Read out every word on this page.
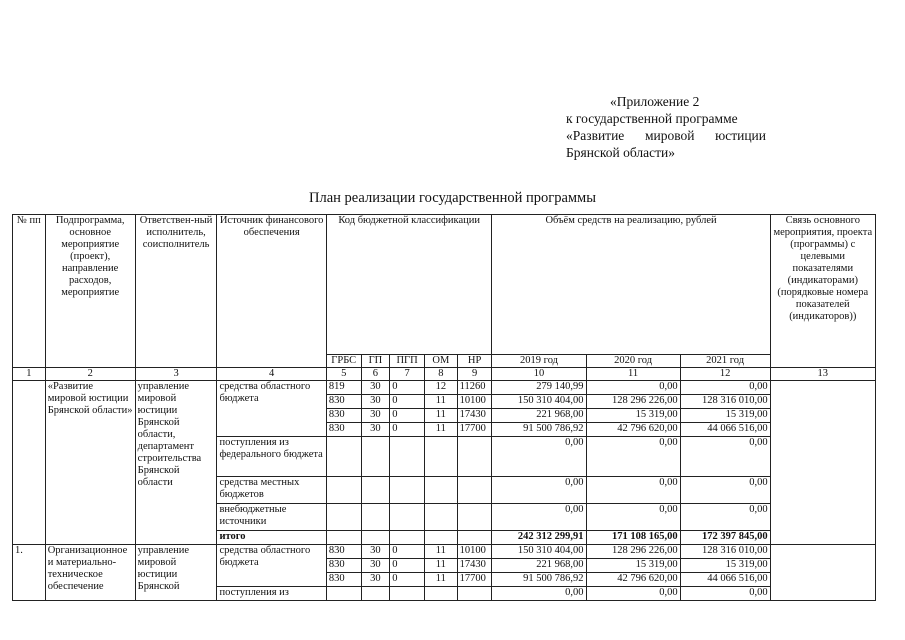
«Приложение 2
к государственной программе
«Развитие мировой юстиции
Брянской области»
План реализации государственной программы
№ пп	Подпрограмма, основное мероприятие (проект), направление расходов, мероприятие	Ответствен-ный исполнитель, соисполнитель	Источник финансового обеспечения	Код бюджетной классификации					Объём средств на реализацию, рублей			Связь основного мероприятия, проекта (программы) с целевыми показателями (индикаторами) (порядковые номера показателей (индикаторов))
				ГРБС	ГП	ПГП	ОМ	НР	2019 год	2020 год	2021 год	
1	2	3	4	5	6	7	8	9	10	11	12	13
	«Развитие мировой юстиции Брянской области»	управление мировой юстиции Брянской области, департамент строительства Брянской области	средства областного бюджета	819	30	0	12	11260	279 140,99	0,00	0,00	
				830	30	0	11	10100	150 310 404,00	128 296 226,00	128 316 010,00	
				830	30	0	11	17430	221 968,00	15 319,00	15 319,00	
				830	30	0	11	17700	91 500 786,92	42 796 620,00	44 066 516,00	
			поступления из федерального бюджета						0,00	0,00	0,00	
			средства местных бюджетов						0,00	0,00	0,00	
			внебюджетные источники						0,00	0,00	0,00	
			итого						242 312 299,91	171 108 165,00	172 397 845,00	
1.	Организационное и материально-техническое обеспечение	управление мировой юстиции Брянской	средства областного бюджета	830	30	0	11	10100	150 310 404,00	128 296 226,00	128 316 010,00	
				830	30	0	11	17430	221 968,00	15 319,00	15 319,00	
				830	30	0	11	17700	91 500 786,92	42 796 620,00	44 066 516,00	
			поступления из						0,00	0,00	0,00	
